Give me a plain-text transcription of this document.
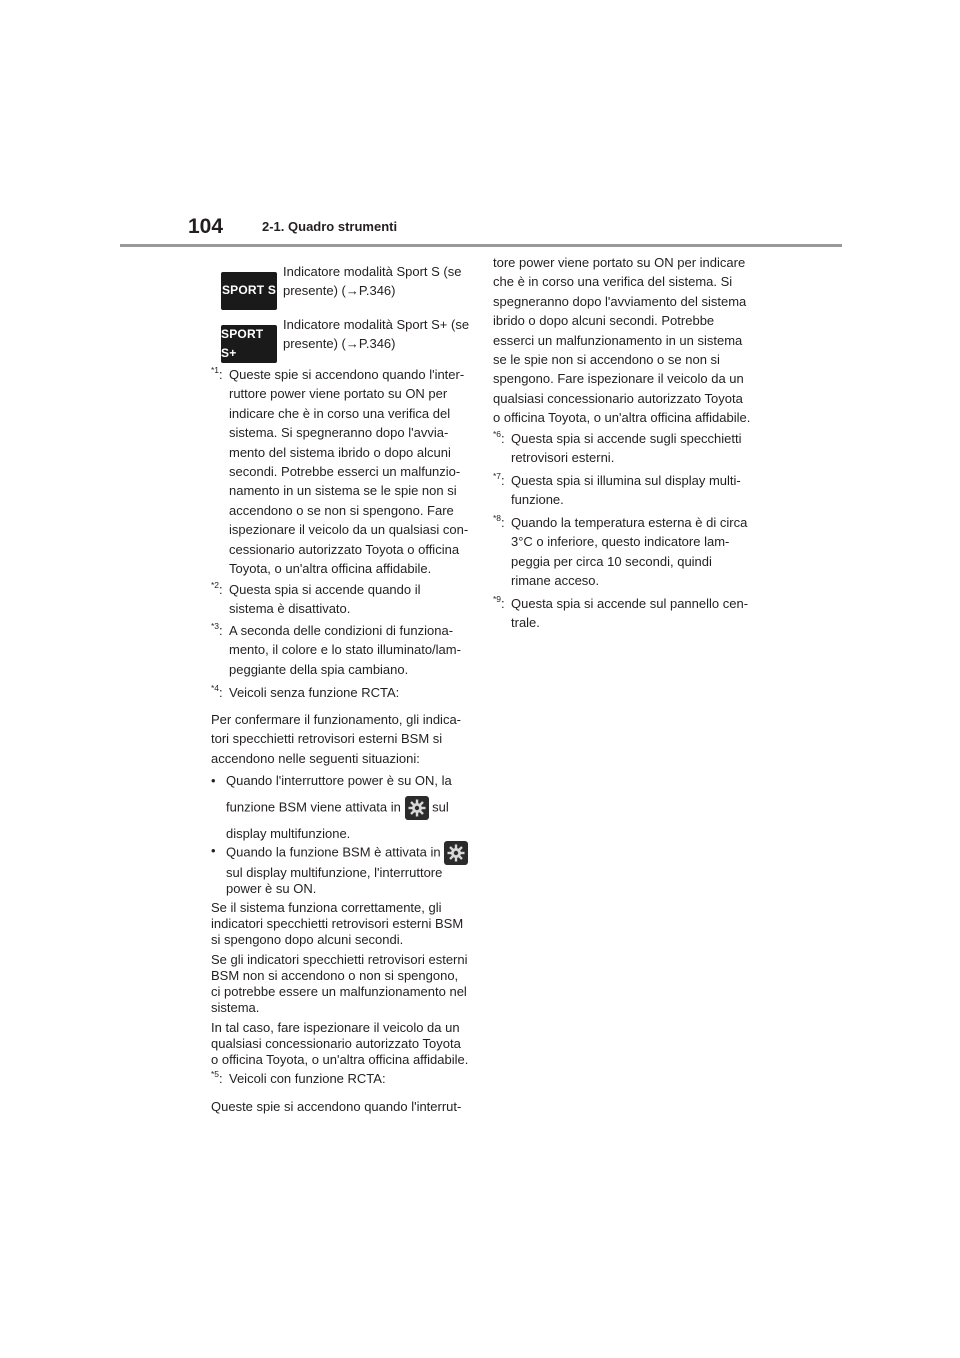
104	2-1. Quadro strumenti
SPORT S
Indicatore modalità Sport S (se
presente) (→P.346)
SPORT S+
Indicatore modalità Sport S+ (se
presente) (→P.346)
$^{*1}$: Queste spie si accendono quando l'inter-
ruttore power viene portato su ON per
indicare che è in corso una verifica del
sistema. Si spegneranno dopo l'avvia-
mento del sistema ibrido o dopo alcuni
secondi. Potrebbe esserci un malfunzio-
namento in un sistema se le spie non si
accendono o se non si spengono. Fare
ispezionare il veicolo da un qualsiasi con-
cessionario autorizzato Toyota o officina
Toyota, o un'altra officina affidabile.
$^{*2}$: Questa spia si accende quando il
sistema è disattivato.
$^{*3}$: A seconda delle condizioni di funziona-
mento, il colore e lo stato illuminato/lam-
peggiante della spia cambiano.
$^{*4}$: Veicoli senza funzione RCTA:
Per confermare il funzionamento, gli indica-
tori specchietti retrovisori esterni BSM si
accendono nelle seguenti situazioni:
• Quando l'interruttore power è su ON, la
funzione BSM viene attivata in sul
display multifunzione.
• Quando la funzione BSM è attivata in
sul display multifunzione, l'interruttore
power è su ON.
Se il sistema funziona correttamente, gli
indicatori specchietti retrovisori esterni BSM
si spengono dopo alcuni secondi.
Se gli indicatori specchietti retrovisori esterni
BSM non si accendono o non si spengono,
ci potrebbe essere un malfunzionamento nel
sistema.
In tal caso, fare ispezionare il veicolo da un
qualsiasi concessionario autorizzato Toyota
o officina Toyota, o un'altra officina affidabile.
$^{*5}$: Veicoli con funzione RCTA:
Queste spie si accendono quando l'interrut-
tore power viene portato su ON per indicare
che è in corso una verifica del sistema. Si
spegneranno dopo l'avviamento del sistema
ibrido o dopo alcuni secondi. Potrebbe
esserci un malfunzionamento in un sistema
se le spie non si accendono o se non si
spengono. Fare ispezionare il veicolo da un
qualsiasi concessionario autorizzato Toyota
o officina Toyota, o un'altra officina affidabile.
$^{*6}$: Questa spia si accende sugli specchietti
retrovisori esterni.
$^{*7}$: Questa spia si illumina sul display multi-
funzione.
$^{*8}$: Quando la temperatura esterna è di circa
3°C o inferiore, questo indicatore lam-
peggia per circa 10 secondi, quindi
rimane acceso.
$^{*9}$: Questa spia si accende sul pannello cen-
trale.
